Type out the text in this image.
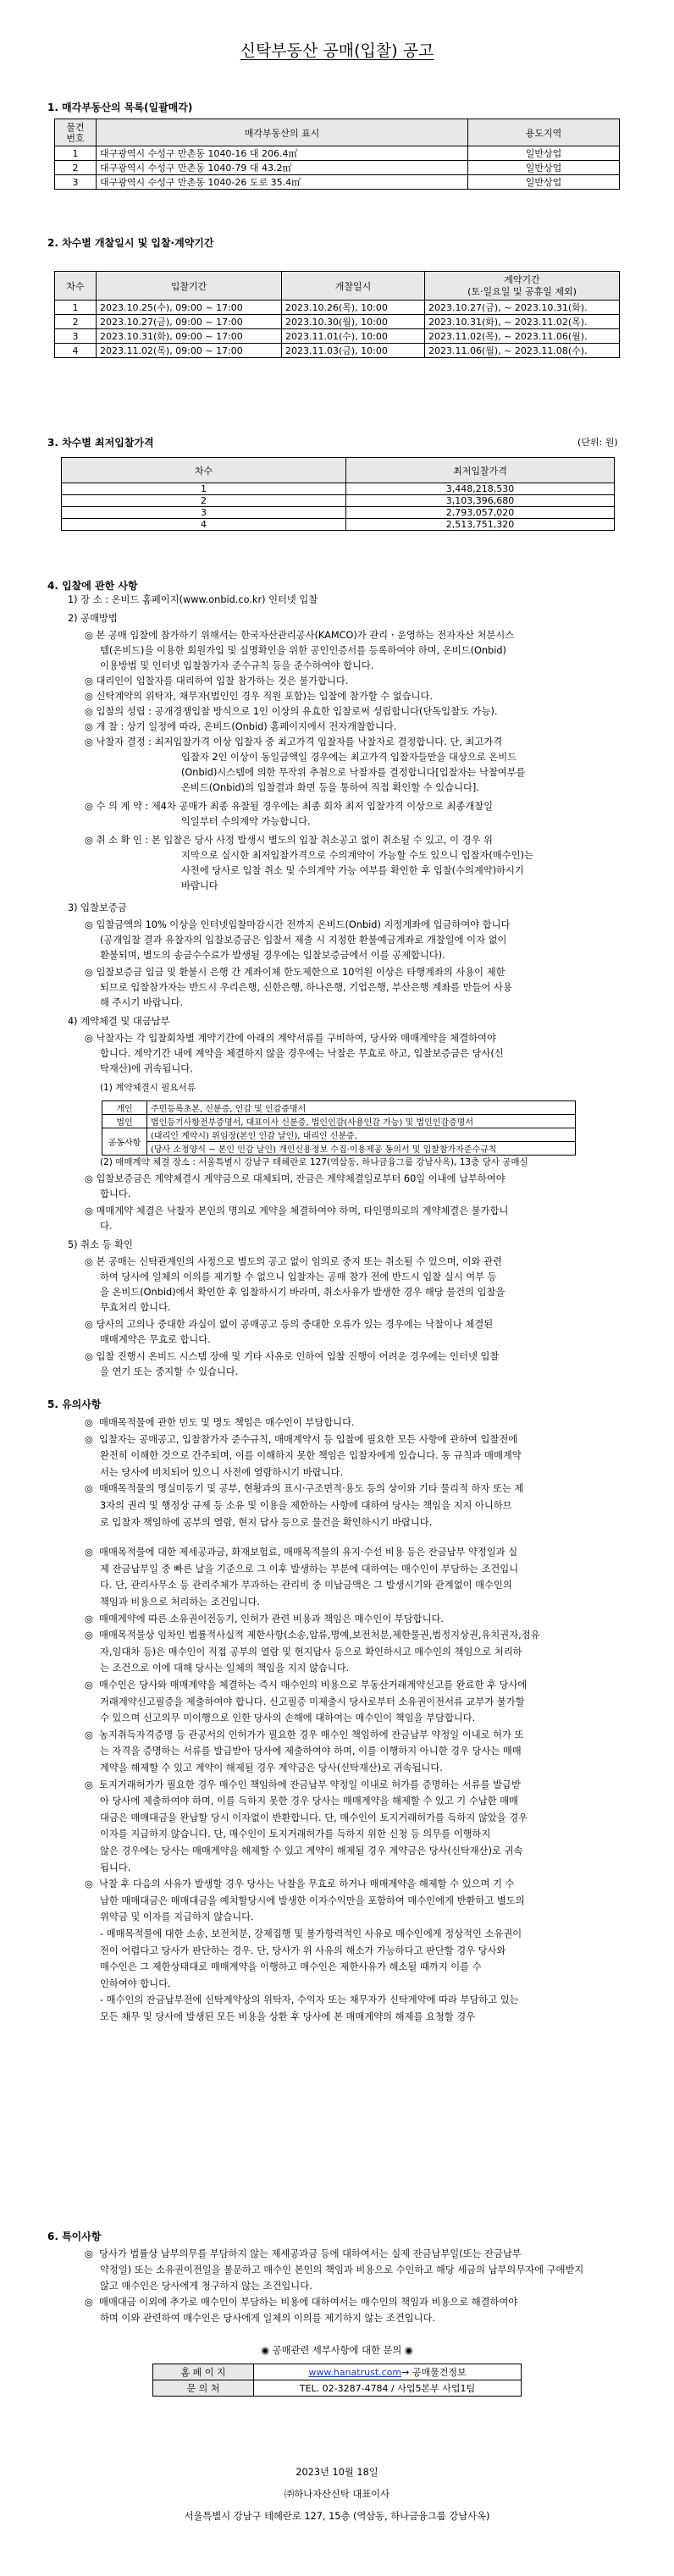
신탁부동산 공매(입찰) 공고
1. 매각부동산의 목록(일괄매각)
물건
번호	매각부동산의 표시	용도지역
1	대구광역시 수성구 만촌동 1040-16 대 206.4㎡	일반상업
2	대구광역시 수성구 만촌동 1040-79 대 43.2㎡	일반상업
3	대구광역시 수성구 만촌동 1040-26 도로 35.4㎡	일반상업
2. 차수별 개찰일시 및 입찰·계약기간
차수	입찰기간	개찰일시	계약기간
(토·일요일 및 공휴일 제외)

1	2023.10.25(수), 09:00 ~ 17:00	2023.10.26(목), 10:00	2023.10.27(금), ~ 2023.10.31(화).
2	2023.10.27(금), 09:00 ~ 17:00	2023.10.30(월), 10:00	2023.10.31(화), ~ 2023.11.02(목).
3	2023.10.31(화), 09:00 ~ 17:00	2023.11.01(수), 10:00	2023.11.02(목), ~ 2023.11.06(월).
4	2023.11.02(목), 09:00 ~ 17:00	2023.11.03(금), 10:00	2023.11.06(월), ~ 2023.11.08(수).
3. 차수별 최저입찰가격	(단위: 원)
차수	최저입찰가격
1	3,448,218,530
2	3,103,396,680
3	2,793,057,020
4	2,513,751,320
4. 입찰에 관한 사항
1) 장 소 : 온비드 홈페이지(www.onbid.co.kr) 인터넷 입찰
2) 공매방법
◎ 본 공매 입찰에 참가하기 위해서는 한국자산관리공사(KAMCO)가 관리ㆍ운영하는 전자자산 처분시스
템(온비드)을 이용한 회원가입 및 실명확인을 위한 공인인증서를 등록하여야 하며, 온비드(Onbid)
이용방법 및 인터넷 입찰참가자 준수규칙 등을 준수하여야 합니다.
◎ 대리인이 입찰자를 대리하여 입찰 참가하는 것은 불가합니다.
◎ 신탁계약의 위탁자, 채무자(법인인 경우 직원 포함)는 입찰에 참가할 수 없습니다.
◎ 입찰의 성립 : 공개경쟁입찰 방식으로 1인 이상의 유효한 입찰로써 성립합니다(단독입찰도 가능).
◎ 개 찰 : 상기 일정에 따라, 온비드(Onbid) 홈페이지에서 전자개찰합니다.
◎ 낙찰자 결정 : 최저입찰가격 이상 입찰자 중 최고가격 입찰자를 낙찰자로 결정합니다. 단, 최고가격
입찰자 2인 이상이 동일금액일 경우에는 최고가격 입찰자들만을 대상으로 온비드
(Onbid)시스템에 의한 무작위 추첨으로 낙찰자를 결정합니다[입찰자는 낙찰여부를
온비드(Onbid)의 입찰결과 화면 등을 통하여 직접 확인할 수 있습니다].
◎ 수 의 계 약 : 제4차 공매가 최종 유찰될 경우에는 최종 회차 최저 입찰가격 이상으로 최종개찰일
익일부터 수의계약 가능합니다.
◎ 취 소 확 인 : 본 입찰은 당사 사정 발생시 별도의 입찰 취소공고 없이 취소될 수 있고, 이 경우 위
지막으로 실시한 최저입찰가격으로 수의계약이 가능할 수도 있으니 입찰자(매수인)는
사전에 당사로 입찰 취소 및 수의계약 가능 여부를 확인한 후 입찰(수의계약)하시기
바랍니다
3) 입찰보증금
◎ 입찰금액의 10% 이상을 인터넷입찰마감시간 전까지 온비드(Onbid) 지정계좌에 입금하여야 합니다
(공개입찰 결과 유찰자의 입찰보증금은 입찰서 제출 시 지정한 환불예금계좌로 개찰일에 이자 없이
환불되며, 별도의 송금수수료가 발생될 경우에는 입찰보증금에서 이를 공제합니다).
◎ 입찰보증금 입금 및 환불시 은행 간 계좌이체 한도제한으로 10억원 이상은 타행계좌의 사용이 제한
되므로 입찰참가자는 반드시 우리은행, 신한은행, 하나은행, 기업은행, 부산은행 계좌를 만들어 사용
해 주시기 바랍니다.
4) 계약체결 및 대금납부
◎ 낙찰자는 각 입찰회차별 계약기간에 아래의 계약서류를 구비하여, 당사와 매매계약을 체결하여야
합니다. 계약기간 내에 계약을 체결하지 않을 경우에는 낙찰은 무효로 하고, 입찰보증금은 당사(신
탁재산)에 귀속됩니다.
(1) 계약체결시 필요서류
개인	주민등록초본, 신분증, 인감 및 인감증명서
법인	법인등기사항전부증명서, 대표이사 신분증, 법인인감(사용인감 가능) 및 법인인감증명서
공동사항	(대리인 계약시) 위임장(본인 인감 날인), 대리인 신분증,
	(당사 소정양식 ~ 본인 인감 날인) 개인신용정보 수집·이용제공 동의서 및 입찰참가자준수규칙
(2) 매매계약 체결 장소 : 서울특별시 강남구 테헤란로 127(역삼동, 하나금융그룹 강남사옥), 13층 당사 공매실
◎ 입찰보증금은 계약체결시 계약금으로 대체되며, 잔금은 계약체결일로부터 60일 이내에 납부하여야
합니다.
◎ 매매계약 체결은 낙찰자 본인의 명의로 계약을 체결하여야 하며, 타인명의로의 계약체결은 불가합니
다.
5) 취소 등 확인
◎ 본 공매는 신탁관계인의 사정으로 별도의 공고 없이 임의로 중지 또는 취소될 수 있으며, 이와 관련
하여 당사에 일체의 이의를 제기할 수 없으니 입찰자는 공매 참가 전에 반드시 입찰 실시 여부 등
을 온비드(Onbid)에서 확인한 후 입찰하시기 바라며, 취소사유가 발생한 경우 해당 물건의 입찰을
무효처리 합니다.
◎ 당사의 고의나 중대한 과실이 없이 공매공고 등의 중대한 오류가 있는 경우에는 낙찰이나 체결된
매매계약은 무효로 합니다.
◎ 입찰 진행시 온비드 시스템 장애 및 기타 사유로 인하여 입찰 진행이 어려운 경우에는 인터넷 입찰
을 연기 또는 중지할 수 있습니다.
5. 유의사항
6. 특이사항
◉ 공매관련 세부사항에 대한 문의 ◉
홈 페 이 지	www.hanatrust.com→ 공매물건정보
문 의 처	TEL. 02-3287-4784 / 사업5본부 사업1팀
2023년 10월 18일
㈜하나자산신탁 대표이사
서울특별시 강남구 테헤란로 127, 15층 (역삼동, 하나금융그룹 강남사옥)
◎  매매목적물에 관한 민도 및 명도 책임은 매수인이 부담합니다.
◎  입찰자는 공매공고, 입찰참가자 준수규칙, 매매계약서 등 입찰에 필요한 모든 사항에 관하여 입찰전에
완전히 이해한 것으로 간주되며, 이를 이해하지 못한 책임은 입찰자에게 있습니다. 동 규칙과 매매계약
서는 당사에 비치되어 있으니 사전에 열람하시기 바랍니다.
◎  매매목적물의 명실미등기 및 공부, 현황과의 표시·구조면적·용도 등의 상이와 기타 물리적 하자 또는 제
3자의 권리 및 행정상 규제 등 소유 및 이용을 제한하는 사항에 대하여 당사는 책임을 지지 아니하므
로 입찰자 책임하에 공부의 열람, 현지 답사 등으로 물건을 확인하시기 바랍니다.
◎  매매목적물에 대한 제세공과금, 화재보험료, 매매목적물의 유지·수선 비용 등은 잔금납부 약정일과 실
제 잔금납부일 중 빠른 날을 기준으로 그 이후 발생하는 부분에 대하여는 매수인이 부담하는 조건입니
다. 단, 관리사무소 등 관리주체가 부과하는 관리비 중 미납금액은 그 발생시기와 관계없이 매수인의
책임과 비용으로 처리하는 조건입니다.
◎  매매계약에 따른 소유권이전등기, 인허가 관련 비용과 책임은 매수인이 부담합니다.
◎  매매목적물상 임차인 법률적사실적 제한사항(소송,압류,명예,보전처분,제한물권,법정지상권,유치권자,점유
자,임대차 등)은 매수인이 직접 공부의 열람 및 현지답사 등으로 확인하시고 매수인의 책임으로 처리하
는 조건으로 이에 대해 당사는 일체의 책임을 지지 않습니다.
◎  매수인은 당사와 매매계약을 체결하는 즉시 매수인의 비용으로 부동산거래계약신고를 완료한 후 당사에
거래계약신고필증을 제출하여야 합니다. 신고필증 미제출시 당사로부터 소유권이전서류 교부가 불가할
수 있으며 신고의무 미이행으로 인한 당사의 손해에 대하여는 매수인이 책임을 부담합니다.
◎  농지취득자격증명 등 관공서의 인허가가 필요한 경우 매수인 책임하에 잔금납부 약정일 이내로 허가 또
는 자격을 증명하는 서류를 발급받아 당사에 제출하여야 하며, 이를 이행하지 아니한 경우 당사는 매매
계약을 해제할 수 있고 계약이 해제될 경우 계약금은 당사(신탁재산)로 귀속됩니다.
◎  토지거래허가가 필요한 경우 매수인 책임하에 잔금납부 약정일 이내로 허가를 증명하는 서류를 발급받
아 당사에 제출하여야 하며, 이를 득하지 못한 경우 당사는 매매계약을 해제할 수 있고 기 수납한 매매
대금은 매매대금을 완납할 당시 이자없이 반환합니다. 단, 매수인이 토지거래허가를 득하지 않았을 경우
이자를 지급하지 않습니다. 단, 매수인이 토지거래허가를 득하지 위한 신청 등 의무를 이행하지
않은 경우에는 당사는 매매계약을 해제할 수 있고 계약이 해제될 경우 계약금은 당사(신탁재산)로 귀속
됩니다.
◎  낙찰 후 다음의 사유가 발생할 경우 당사는 낙찰을 무효로 하거나 매매계약을 해제할 수 있으며 기 수
납한 매매대금은 매매대금을 예치할당시에 발생한 이자수익만을 포함하여 매수인에게 반환하고 별도의
위약금 및 이자를 지급하지 않습니다.
- 매매목적물에 대한 소송, 보전처분, 강제집행 및 불가항력적인 사유로 매수인에게 정상적인 소유권이
전이 어렵다고 당사가 판단하는 경우. 단, 당사가 위 사유의 해소가 가능하다고 판단할 경우 당사와
매수인은 그 제한상태대로 매매계약을 이행하고 매수인은 제한사유가 해소될 때까지 이를 수
인하여야 합니다.
- 매수인의 잔금납부전에 신탁계약상의 위탁자, 수익자 또는 채무자가 신탁계약에 따라 부담하고 있는
모든 채무 및 당사에 발생된 모든 비용을 상환 후 당사에 본 매매계약의 해제를 요청할 경우
◎  당사가 법률상 납부의무를 부담하지 않는 제세공과금 등에 대하여서는 실제 잔금납부일(또는 잔금납부
약정일) 또는 소유권이전일을 불문하고 매수인 본인의 책임과 비용으로 수인하고 해당 세금의 납부의무자에 구애받지
않고 매수인은 당사에게 청구하지 않는 조건입니다.
◎  매매대금 이외에 추가로 매수인이 부담하는 비용에 대하여서는 매수인의 책임과 비용으로 해결하여야
하며 이와 관련하여 매수인은 당사에게 일체의 이의를 제기하지 않는 조건입니다.
